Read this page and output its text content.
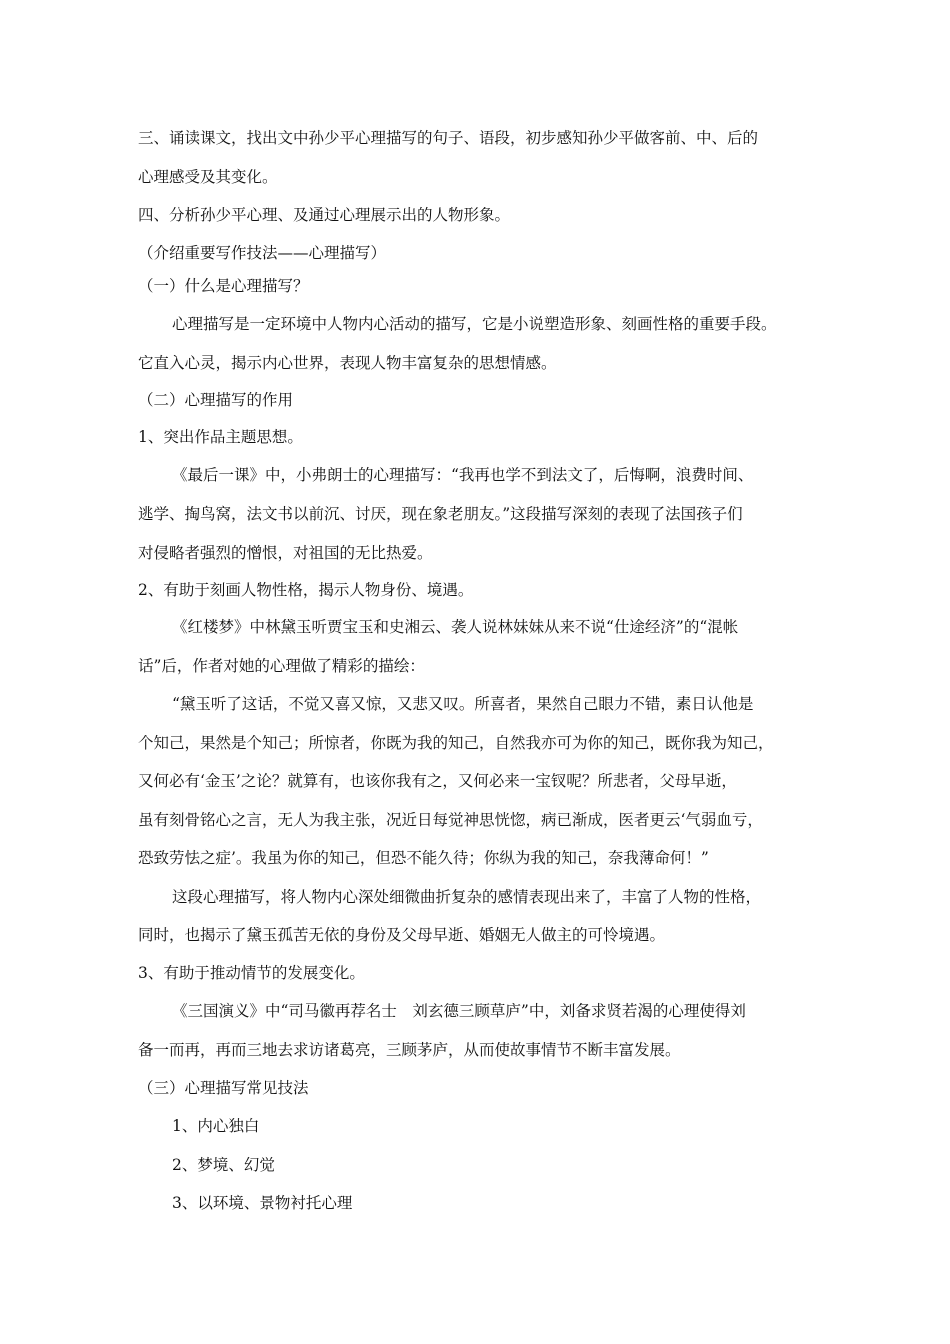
三、诵读课文，找出文中孙少平心理描写的句子、语段，初步感知孙少平做客前、中、后的
心理感受及其变化。
四、分析孙少平心理、及通过心理展示出的人物形象。
（介绍重要写作技法——心理描写）
（一）什么是心理描写？
心理描写是一定环境中人物内心活动的描写，它是小说塑造形象、刻画性格的重要手段。
它直入心灵，揭示内心世界，表现人物丰富复杂的思想情感。
（二）心理描写的作用
1、突出作品主题思想。
《最后一课》中，小弗朗士的心理描写：“我再也学不到法文了，后悔啊，浪费时间、
逃学、掏鸟窝，法文书以前沉、讨厌，现在象老朋友。”这段描写深刻的表现了法国孩子们
对侵略者强烈的憎恨，对祖国的无比热爱。
2、有助于刻画人物性格，揭示人物身份、境遇。
《红楼梦》中林黛玉听贾宝玉和史湘云、袭人说林妹妹从来不说“仕途经济”的“混帐
话”后，作者对她的心理做了精彩的描绘：
“黛玉听了这话，不觉又喜又惊，又悲又叹。所喜者，果然自己眼力不错，素日认他是
个知己，果然是个知己；所惊者，你既为我的知己，自然我亦可为你的知己，既你我为知己，
又何必有‘金玉’之论？就算有，也该你我有之，又何必来一宝钗呢？所悲者，父母早逝，
虽有刻骨铭心之言，无人为我主张，况近日每觉神思恍惚，病已渐成，医者更云‘气弱血亏，
恐致劳怯之症’。我虽为你的知己，但恐不能久待；你纵为我的知己，奈我薄命何！”
这段心理描写，将人物内心深处细微曲折复杂的感情表现出来了，丰富了人物的性格，
同时，也揭示了黛玉孤苦无依的身份及父母早逝、婚姻无人做主的可怜境遇。
3、有助于推动情节的发展变化。
《三国演义》中“司马徽再荐名士　刘玄德三顾草庐”中，刘备求贤若渴的心理使得刘
备一而再，再而三地去求访诸葛亮，三顾茅庐，从而使故事情节不断丰富发展。
（三）心理描写常见技法
1、内心独白
2、梦境、幻觉
3、以环境、景物衬托心理
